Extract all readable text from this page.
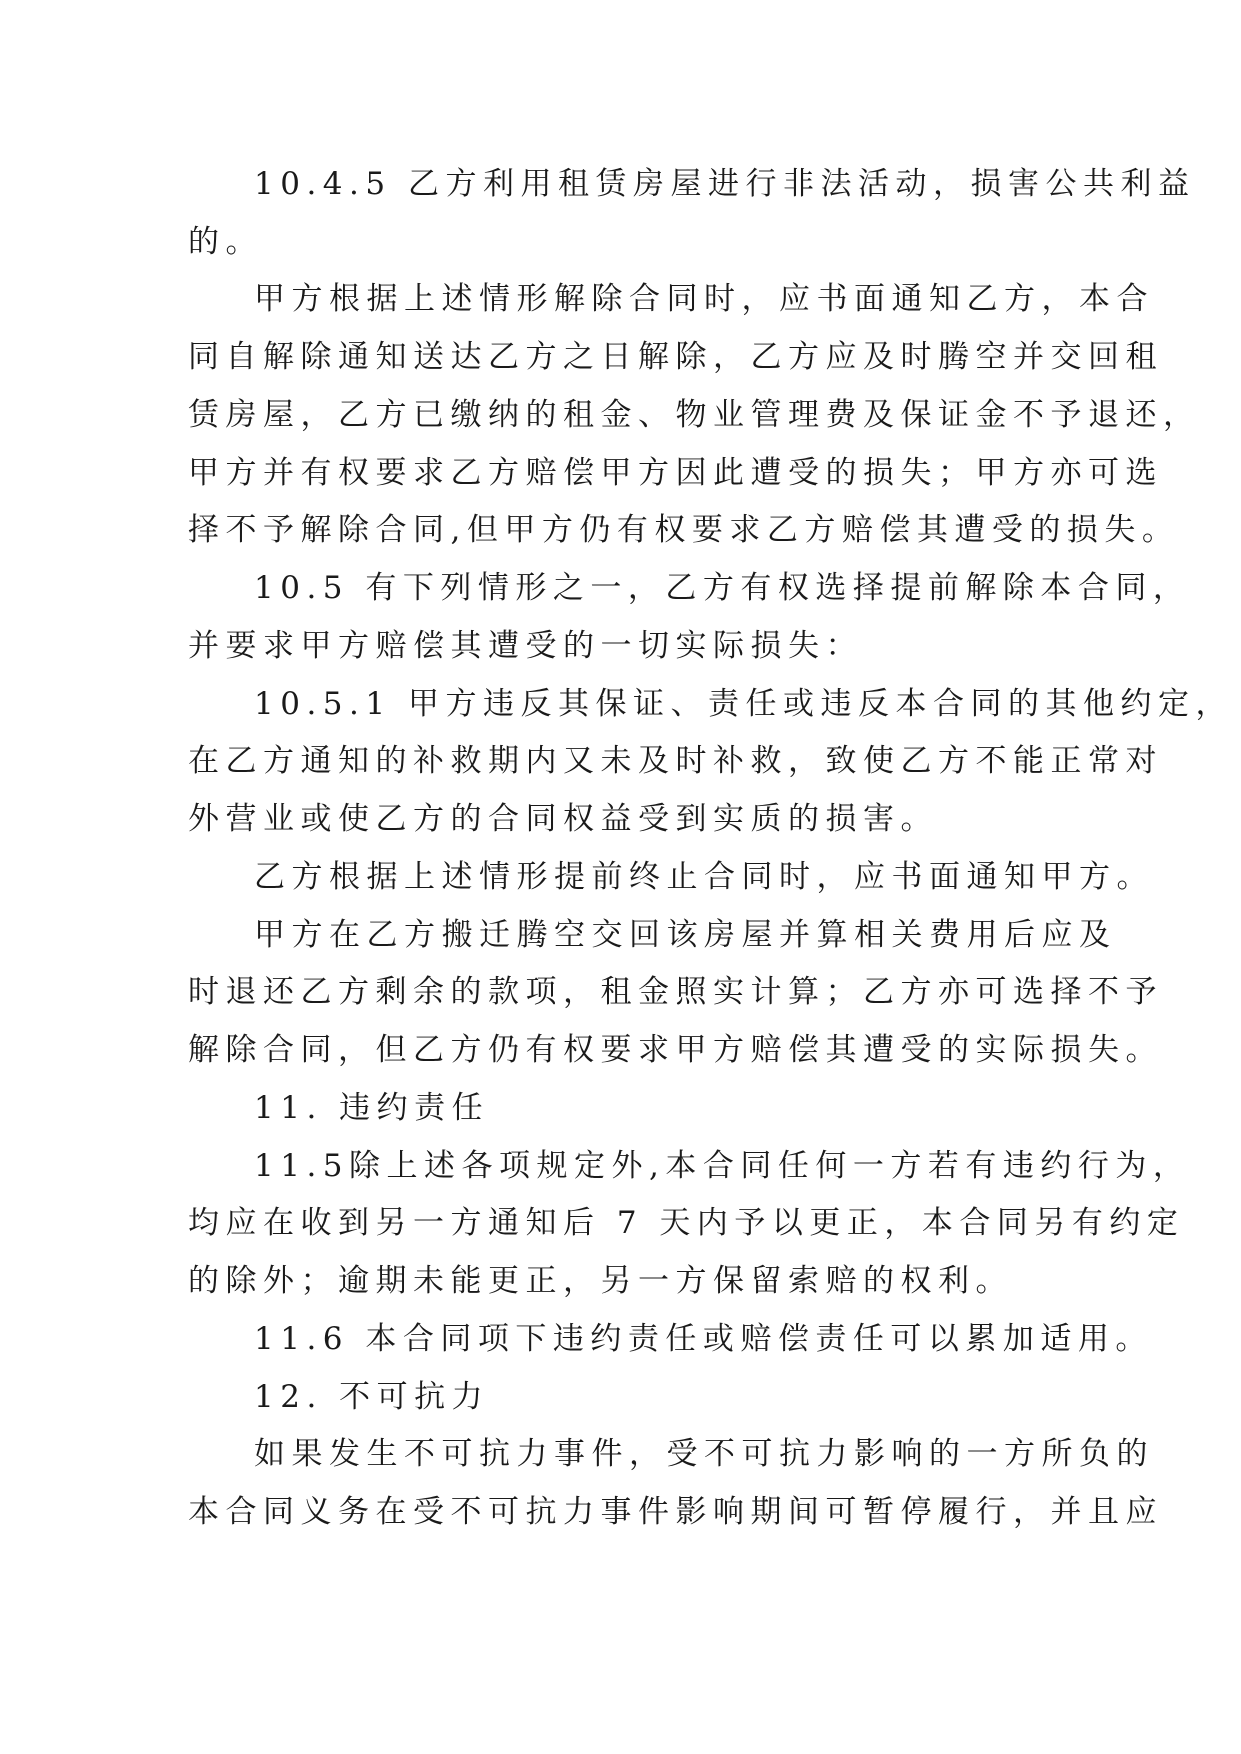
10.4.5 乙方利用租赁房屋进行非法活动，损害公共利益
的。
甲方根据上述情形解除合同时，应书面通知乙方，本合
同自解除通知送达乙方之日解除，乙方应及时腾空并交回租
赁房屋，乙方已缴纳的租金、物业管理费及保证金不予退还，
甲方并有权要求乙方赔偿甲方因此遭受的损失；甲方亦可选
择不予解除合同,但甲方仍有权要求乙方赔偿其遭受的损失。
10.5 有下列情形之一，乙方有权选择提前解除本合同，
并要求甲方赔偿其遭受的一切实际损失：
10.5.1 甲方违反其保证、责任或违反本合同的其他约定，
在乙方通知的补救期内又未及时补救，致使乙方不能正常对
外营业或使乙方的合同权益受到实质的损害。
乙方根据上述情形提前终止合同时，应书面通知甲方。
甲方在乙方搬迁腾空交回该房屋并算相关费用后应及
时退还乙方剩余的款项，租金照实计算；乙方亦可选择不予
解除合同，但乙方仍有权要求甲方赔偿其遭受的实际损失。
11. 违约责任
11.5除上述各项规定外,本合同任何一方若有违约行为，
均应在收到另一方通知后 7 天内予以更正，本合同另有约定
的除外；逾期未能更正，另一方保留索赔的权利。
11.6 本合同项下违约责任或赔偿责任可以累加适用。
12. 不可抗力
如果发生不可抗力事件，受不可抗力影响的一方所负的
本合同义务在受不可抗力事件影响期间可暂停履行，并且应
